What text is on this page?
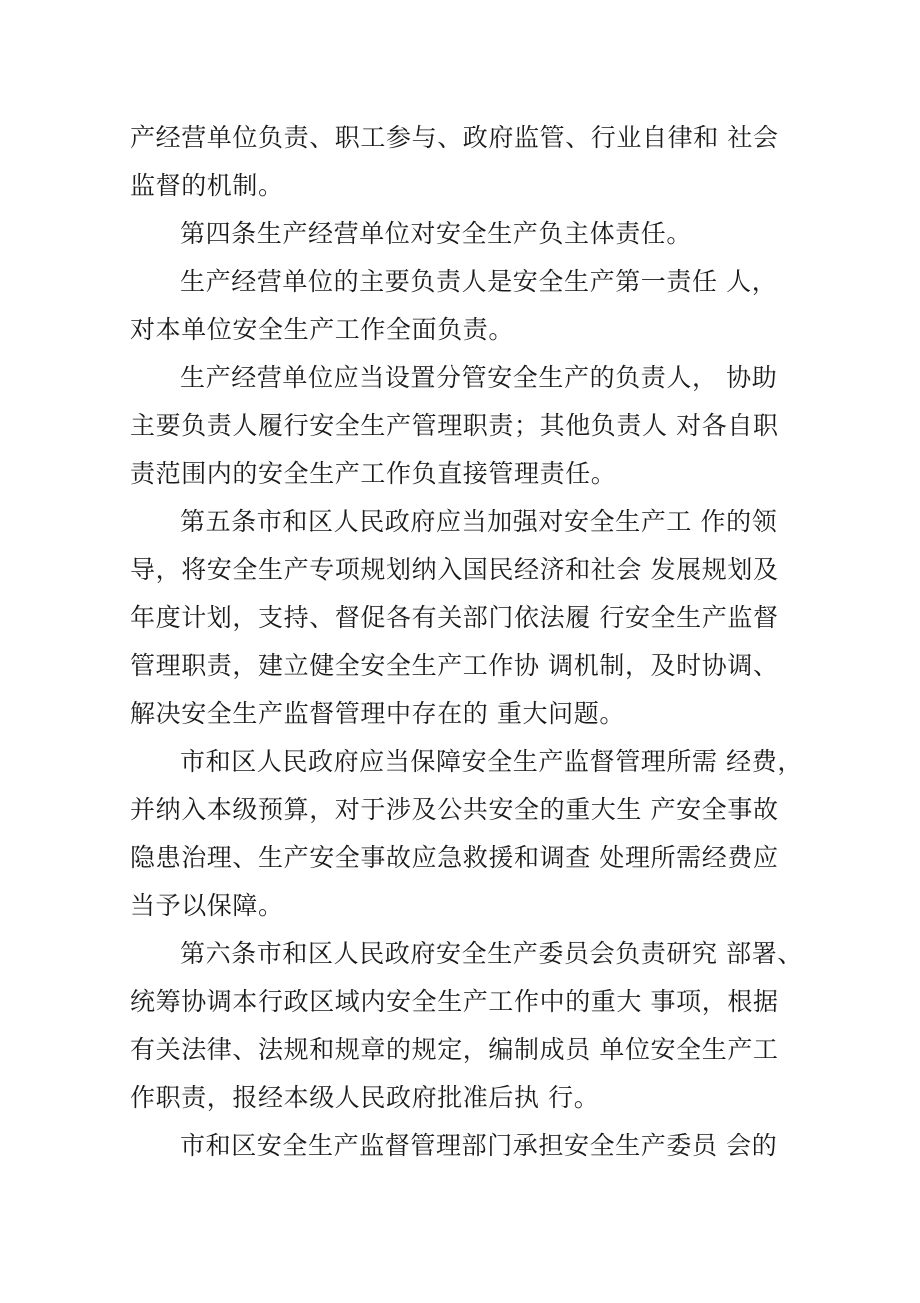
产经营单位负责、职工参与、政府监管、行业自律和 社会
监督的机制。
第四条生产经营单位对安全生产负主体责任。
生产经营单位的主要负责人是安全生产第一责任 人，
对本单位安全生产工作全面负责。
生产经营单位应当设置分管安全生产的负责人， 协助
主要负责人履行安全生产管理职责；其他负责人 对各自职
责范围内的安全生产工作负直接管理责任。
第五条市和区人民政府应当加强对安全生产工 作的领
导，将安全生产专项规划纳入国民经济和社会 发展规划及
年度计划，支持、督促各有关部门依法履 行安全生产监督
管理职责，建立健全安全生产工作协 调机制，及时协调、
解决安全生产监督管理中存在的 重大问题。
市和区人民政府应当保障安全生产监督管理所需 经费，
并纳入本级预算，对于涉及公共安全的重大生 产安全事故
隐患治理、生产安全事故应急救援和调查 处理所需经费应
当予以保障。
第六条市和区人民政府安全生产委员会负责研究 部署、
统筹协调本行政区域内安全生产工作中的重大 事项，根据
有关法律、法规和规章的规定，编制成员 单位安全生产工
作职责，报经本级人民政府批准后执 行。
市和区安全生产监督管理部门承担安全生产委员 会的
